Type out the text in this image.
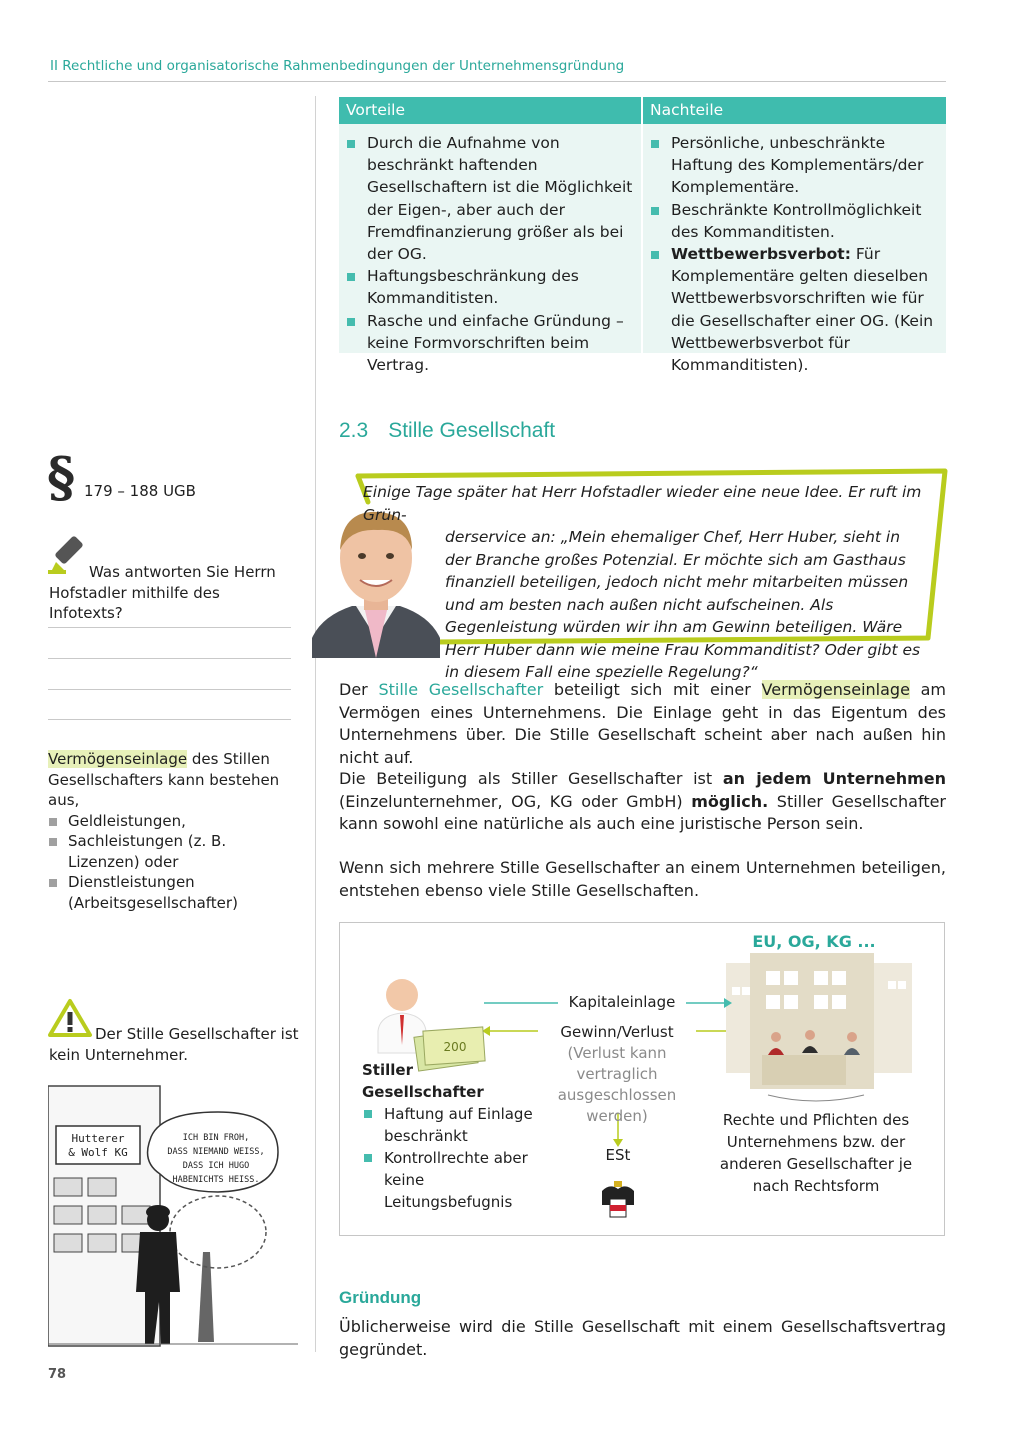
II Rechtliche und organisatorische Rahmenbedingungen der Unternehmensgründung
Vorteile	Nachteile
Durch die Aufnahme von beschränkt haftenden Gesellschaftern ist die Möglichkeit der Eigen-, aber auch der Fremdfinanzierung größer als bei der OG.
Haftungsbeschränkung des Kommanditisten.
Rasche und einfache Gründung – keine Formvorschriften beim Vertrag.
Persönliche, unbeschränkte Haftung des Komplementärs/der Komplementäre.
Beschränkte Kontrollmöglichkeit des Kommanditisten.
Wettbewerbsverbot: Für Komplementäre gelten dieselben Wettbewerbsvorschriften wie für die Gesellschafter einer OG. (Kein Wettbewerbsverbot für Kommanditisten).
2.3 Stille Gesellschaft
Einige Tage später hat Herr Hofstadler wieder eine neue Idee. Er ruft im Grün-
derservice an: „Mein ehemaliger Chef, Herr Huber, sieht in der Branche großes Potenzial. Er möchte sich am Gasthaus finanziell beteiligen, jedoch nicht mehr mitarbeiten müssen und am besten nach außen nicht aufscheinen. Als Gegenleistung würden wir ihn am Gewinn beteiligen. Wäre Herr Huber dann wie meine Frau Kommanditist? Oder gibt es in diesem Fall eine spezielle Regelung?“
Der Stille Gesellschafter beteiligt sich mit einer Vermögenseinlage am Vermögen eines Unternehmens. Die Einlage geht in das Eigentum des Unternehmens über. Die Stille Gesellschaft scheint aber nach außen hin nicht auf.
Die Beteiligung als Stiller Gesellschafter ist an jedem Unternehmen (Einzelunternehmer, OG, KG oder GmbH) möglich. Stiller Gesellschafter kann sowohl eine natürliche als auch eine juristische Person sein.
Wenn sich mehrere Stille Gesellschafter an einem Unternehmen beteiligen, entstehen ebenso viele Stille Gesellschaften.
§ 179 – 188 UGB
Was antworten Sie Herrn Hofstadler mithilfe des Infotexts?
Vermögenseinlage des Stillen Gesellschafters kann bestehen aus,
Geldleistungen,
Sachleistungen (z. B. Lizenzen) oder
Dienstleistungen (Arbeitsgesellschafter)
Der Stille Gesellschafter ist kein Unternehmer.
Hutterer
& Wolf KG
ICH BIN FROH,
DASS NIEMAND WEISS,
DASS ICH HUGO
HABENICHTS HEISS.
78
200
EU, OG, KG ...
Kapitaleinlage
Gewinn/Verlust
(Verlust kann vertraglich ausgeschlossen werden)
ESt
Stiller Gesellschafter
Haftung auf Einlage beschränkt
Kontrollrechte aber keine Leitungsbefugnis
Rechte und Pflichten des Unternehmens bzw. der anderen Gesellschafter je nach Rechtsform
Gründung
Üblicherweise wird die Stille Gesellschaft mit einem Gesellschaftsvertrag gegründet.
